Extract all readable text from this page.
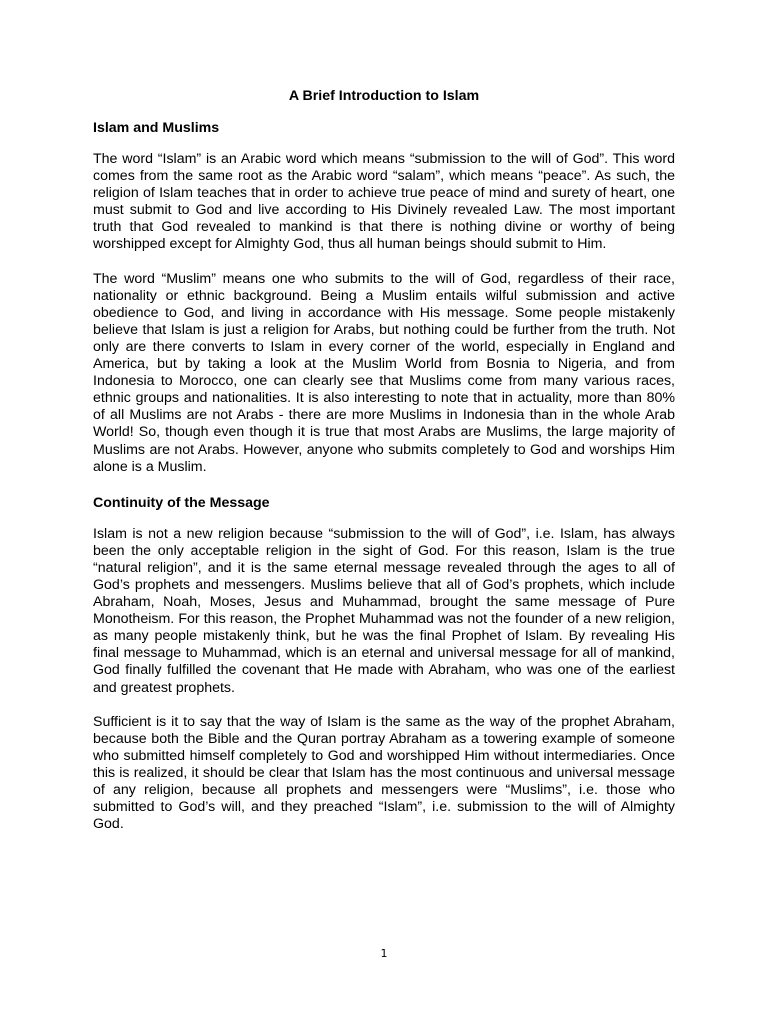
A Brief Introduction to Islam
Islam and Muslims

The word “Islam” is an Arabic word which means “submission to the will of God”. This word comes from the same root as the Arabic word “salam”, which means “peace”. As such, the religion of Islam teaches that in order to achieve true peace of mind and surety of heart, one must submit to God and live according to His Divinely revealed Law. The most important truth that God revealed to mankind is that there is nothing divine or worthy of being worshipped except for Almighty God, thus all human beings should submit to Him.

The word “Muslim” means one who submits to the will of God, regardless of their race, nationality or ethnic background. Being a Muslim entails wilful submission and active obedience to God, and living in accordance with His message. Some people mistakenly believe that Islam is just a religion for Arabs, but nothing could be further from the truth. Not only are there converts to Islam in every corner of the world, especially in England and America, but by taking a look at the Muslim World from Bosnia to Nigeria, and from Indonesia to Morocco, one can clearly see that Muslims come from many various races, ethnic groups and nationalities. It is also interesting to note that in actuality, more than 80% of all Muslims are not Arabs - there are more Muslims in Indonesia than in the whole Arab World! So, though even though it is true that most Arabs are Muslims, the large majority of Muslims are not Arabs. However, anyone who submits completely to God and worships Him alone is a Muslim.

Continuity of the Message

Islam is not a new religion because “submission to the will of God”, i.e. Islam, has always been the only acceptable religion in the sight of God. For this reason, Islam is the true “natural religion”, and it is the same eternal message revealed through the ages to all of God’s prophets and messengers. Muslims believe that all of God’s prophets, which include Abraham, Noah, Moses, Jesus and Muhammad, brought the same message of Pure Monotheism. For this reason, the Prophet Muhammad was not the founder of a new religion, as many people mistakenly think, but he was the final Prophet of Islam. By revealing His final message to Muhammad, which is an eternal and universal message for all of mankind, God finally fulfilled the covenant that He made with Abraham, who was one of the earliest and greatest prophets.

Sufficient is it to say that the way of Islam is the same as the way of the prophet Abraham, because both the Bible and the Quran portray Abraham as a towering example of someone who submitted himself completely to God and worshipped Him without intermediaries. Once this is realized, it should be clear that Islam has the most continuous and universal message of any religion, because all prophets and messengers were “Muslims”, i.e. those who submitted to God’s will, and they preached “Islam”, i.e. submission to the will of Almighty God.

1
